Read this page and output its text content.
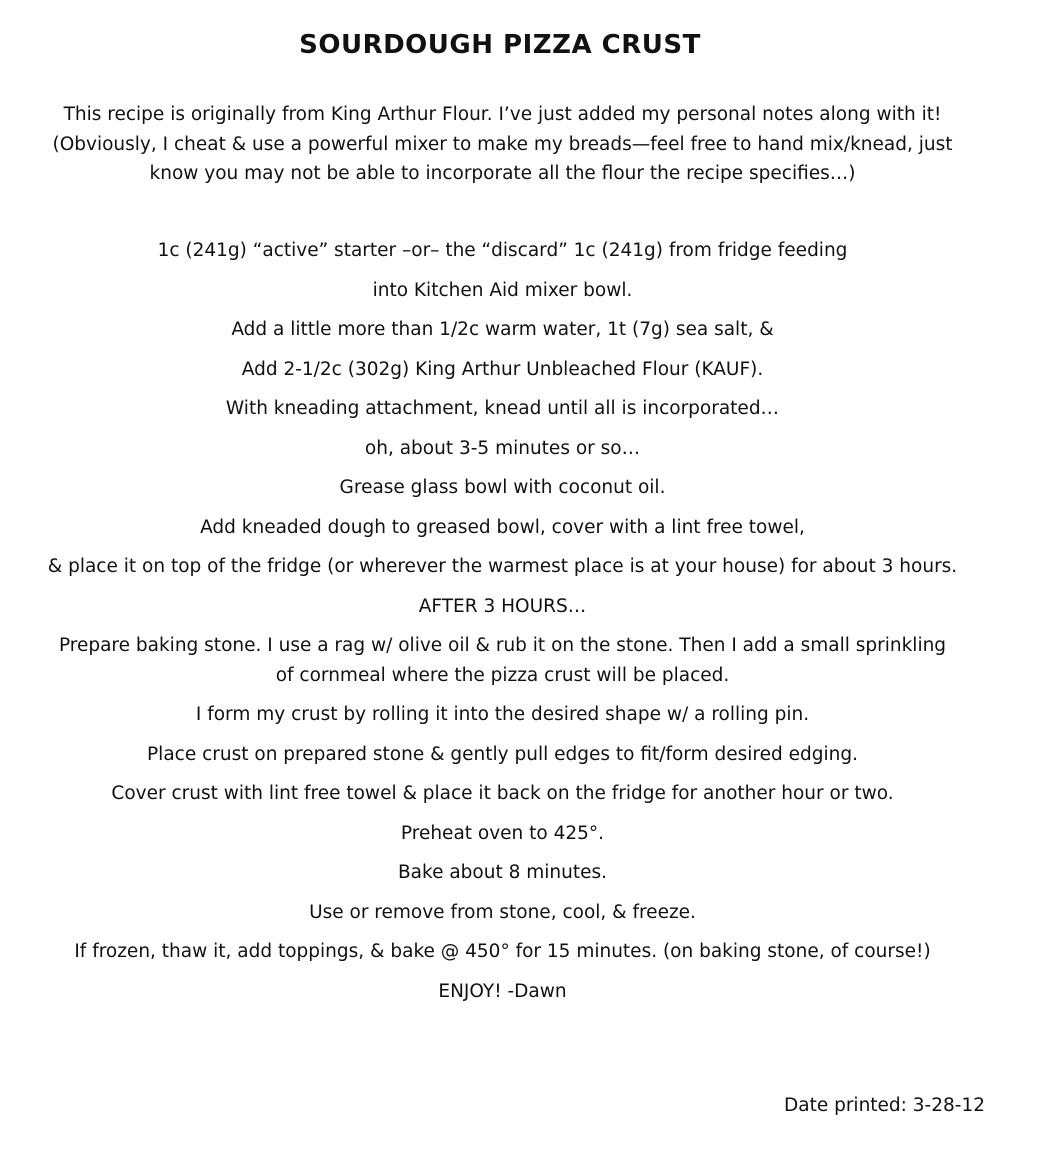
SOURDOUGH PIZZA CRUST
This recipe is originally from King Arthur Flour. I’ve just added my personal notes along with it!
(Obviously, I cheat & use a powerful mixer to make my breads—feel free to hand mix/knead, just
know you may not be able to incorporate all the flour the recipe specifies…)
1c (241g) “active” starter –or– the “discard” 1c (241g) from fridge feeding
into Kitchen Aid mixer bowl.
Add a little more than 1/2c warm water, 1t (7g) sea salt, &
Add 2-1/2c (302g) King Arthur Unbleached Flour (KAUF).
With kneading attachment, knead until all is incorporated…
oh, about 3-5 minutes or so…
Grease glass bowl with coconut oil.
Add kneaded dough to greased bowl, cover with a lint free towel,
& place it on top of the fridge (or wherever the warmest place is at your house) for about 3 hours.
AFTER 3 HOURS…
Prepare baking stone. I use a rag w/ olive oil & rub it on the stone. Then I add a small sprinkling
of cornmeal where the pizza crust will be placed.
I form my crust by rolling it into the desired shape w/ a rolling pin.
Place crust on prepared stone & gently pull edges to fit/form desired edging.
Cover crust with lint free towel & place it back on the fridge for another hour or two.
Preheat oven to 425°.
Bake about 8 minutes.
Use or remove from stone, cool, & freeze.
If frozen, thaw it, add toppings, & bake @ 450° for 15 minutes. (on baking stone, of course!)
ENJOY! -Dawn
Date printed: 3-28-12
